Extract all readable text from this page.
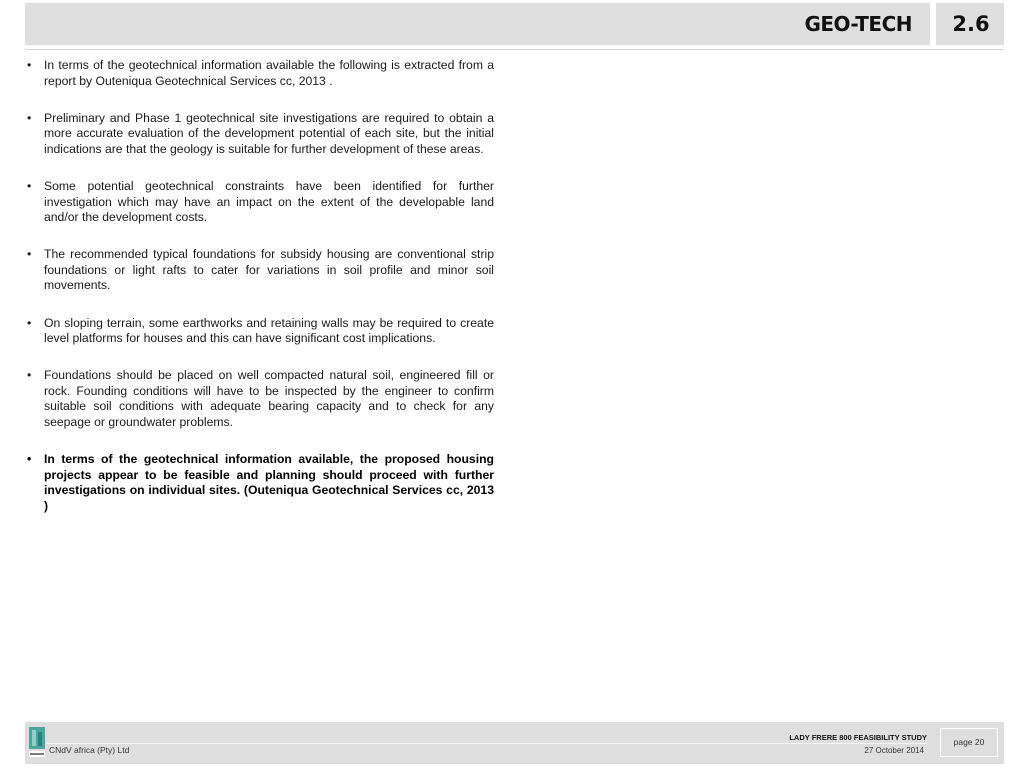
GEO-TECH	2.6
•	In terms of the geotechnical information available the following is extracted from a report by Outeniqua Geotechnical Services cc, 2013 .
•	Preliminary and Phase 1 geotechnical site investigations are required to obtain a more accurate evaluation of the development potential of each site, but the initial indications are that the geology is suitable for further development of these areas.
•	Some potential geotechnical constraints have been identified for further investigation which may have an impact on the extent of the developable land and/or the development costs.
•	The recommended typical foundations for subsidy housing are conventional strip foundations or light rafts to cater for variations in soil profile and minor soil movements.
•	On sloping terrain, some earthworks and retaining walls may be required to create level platforms for houses and this can have significant cost implications.
•	Foundations should be placed on well compacted natural soil, engineered fill or rock. Founding conditions will have to be inspected by the engineer to confirm suitable soil conditions with adequate bearing capacity and to check for any seepage or groundwater problems.
•	In terms of the geotechnical information available, the proposed housing projects appear to be feasible and planning should proceed with further investigations on individual sites. (Outeniqua Geotechnical Services cc, 2013 )
CNdV africa (Pty) Ltd
LADY FRERE 800 FEASIBILITY STUDY
27 October 2014
page 20
